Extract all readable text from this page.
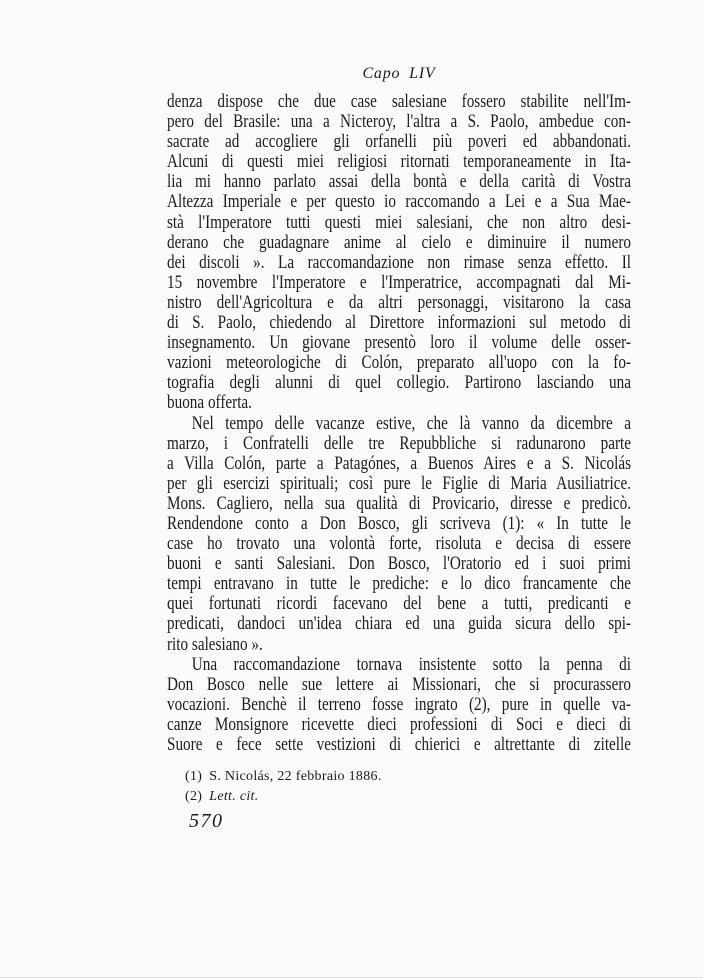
Capo LIV
denza dispose che due case salesiane fossero stabilite nell'Im-
pero del Brasile: una a Nicteroy, l'altra a S. Paolo, ambedue con-
sacrate ad accogliere gli orfanelli più poveri ed abbandonati.
Alcuni di questi miei religiosi ritornati temporaneamente in Ita-
lia mi hanno parlato assai della bontà e della carità di Vostra
Altezza Imperiale e per questo io raccomando a Lei e a Sua Mae-
stà l'Imperatore tutti questi miei salesiani, che non altro desi-
derano che guadagnare anime al cielo e diminuire il numero
dei discoli ». La raccomandazione non rimase senza effetto. Il
15 novembre l'Imperatore e l'Imperatrice, accompagnati dal Mi-
nistro dell'Agricoltura e da altri personaggi, visitarono la casa
di S. Paolo, chiedendo al Direttore informazioni sul metodo di
insegnamento. Un giovane presentò loro il volume delle osser-
vazioni meteorologiche di Colón, preparato all'uopo con la fo-
tografia degli alunni di quel collegio. Partirono lasciando una
buona offerta.
Nel tempo delle vacanze estive, che là vanno da dicembre a
marzo, i Confratelli delle tre Repubbliche si radunarono parte
a Villa Colón, parte a Patagónes, a Buenos Aires e a S. Nicolás
per gli esercizi spirituali; così pure le Figlie di Maria Ausiliatrice.
Mons. Cagliero, nella sua qualità di Provicario, diresse e predicò.
Rendendone conto a Don Bosco, gli scriveva (1): « In tutte le
case ho trovato una volontà forte, risoluta e decisa di essere
buoni e santi Salesiani. Don Bosco, l'Oratorio ed i suoi primi
tempi entravano in tutte le prediche: e lo dico francamente che
quei fortunati ricordi facevano del bene a tutti, predicanti e
predicati, dandoci un'idea chiara ed una guida sicura dello spi-
rito salesiano ».
Una raccomandazione tornava insistente sotto la penna di
Don Bosco nelle sue lettere ai Missionari, che si procurassero
vocazioni. Benchè il terreno fosse ingrato (2), pure in quelle va-
canze Monsignore ricevette dieci professioni di Soci e dieci di
Suore e fece sette vestizioni di chierici e altrettante di zitelle
(1) S. Nicolás, 22 febbraio 1886.
(2) Lett. cit.
570
